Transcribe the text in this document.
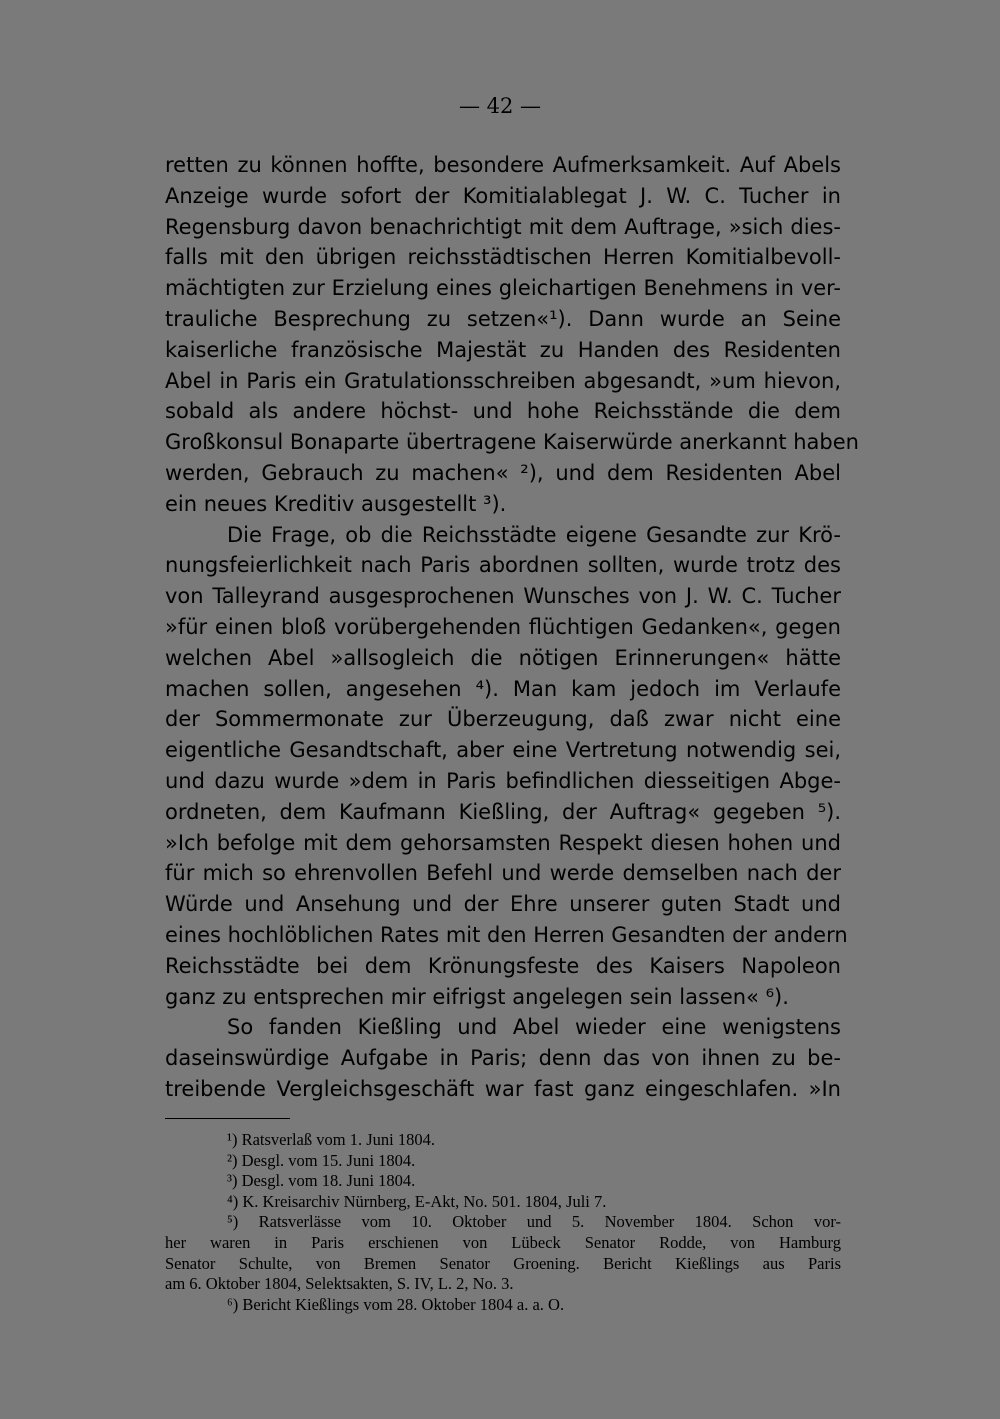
— 42 —
retten zu können hoffte, besondere Aufmerksamkeit. Auf Abels
Anzeige wurde sofort der Komitialablegat J. W. C. Tucher in
Regensburg davon benachrichtigt mit dem Auftrage, »sich dies-
falls mit den übrigen reichsstädtischen Herren Komitialbevoll-
mächtigten zur Erzielung eines gleichartigen Benehmens in ver-
trauliche Besprechung zu setzen«¹). Dann wurde an Seine
kaiserliche französische Majestät zu Handen des Residenten
Abel in Paris ein Gratulationsschreiben abgesandt, »um hievon,
sobald als andere höchst- und hohe Reichsstände die dem
Großkonsul Bonaparte übertragene Kaiserwürde anerkannt haben
werden, Gebrauch zu machen« ²), und dem Residenten Abel
ein neues Kreditiv ausgestellt ³).
Die Frage, ob die Reichsstädte eigene Gesandte zur Krö-
nungsfeierlichkeit nach Paris abordnen sollten, wurde trotz des
von Talleyrand ausgesprochenen Wunsches von J. W. C. Tucher
»für einen bloß vorübergehenden flüchtigen Gedanken«, gegen
welchen Abel »allsogleich die nötigen Erinnerungen« hätte
machen sollen, angesehen ⁴). Man kam jedoch im Verlaufe
der Sommermonate zur Überzeugung, daß zwar nicht eine
eigentliche Gesandtschaft, aber eine Vertretung notwendig sei,
und dazu wurde »dem in Paris befindlichen diesseitigen Abge-
ordneten, dem Kaufmann Kießling, der Auftrag« gegeben ⁵).
»Ich befolge mit dem gehorsamsten Respekt diesen hohen und
für mich so ehrenvollen Befehl und werde demselben nach der
Würde und Ansehung und der Ehre unserer guten Stadt und
eines hochlöblichen Rates mit den Herren Gesandten der andern
Reichsstädte bei dem Krönungsfeste des Kaisers Napoleon
ganz zu entsprechen mir eifrigst angelegen sein lassen« ⁶).
So fanden Kießling und Abel wieder eine wenigstens
daseinswürdige Aufgabe in Paris; denn das von ihnen zu be-
treibende Vergleichsgeschäft war fast ganz eingeschlafen. »In
¹) Ratsverlaß vom 1. Juni 1804.
²) Desgl. vom 15. Juni 1804.
³) Desgl. vom 18. Juni 1804.
⁴) K. Kreisarchiv Nürnberg, E-Akt, No. 501. 1804, Juli 7.
⁵) Ratsverlässe vom 10. Oktober und 5. November 1804. Schon vor-
her waren in Paris erschienen von Lübeck Senator Rodde, von Hamburg
Senator Schulte, von Bremen Senator Groening. Bericht Kießlings aus Paris
am 6. Oktober 1804, Selektsakten, S. IV, L. 2, No. 3.
⁶) Bericht Kießlings vom 28. Oktober 1804 a. a. O.
